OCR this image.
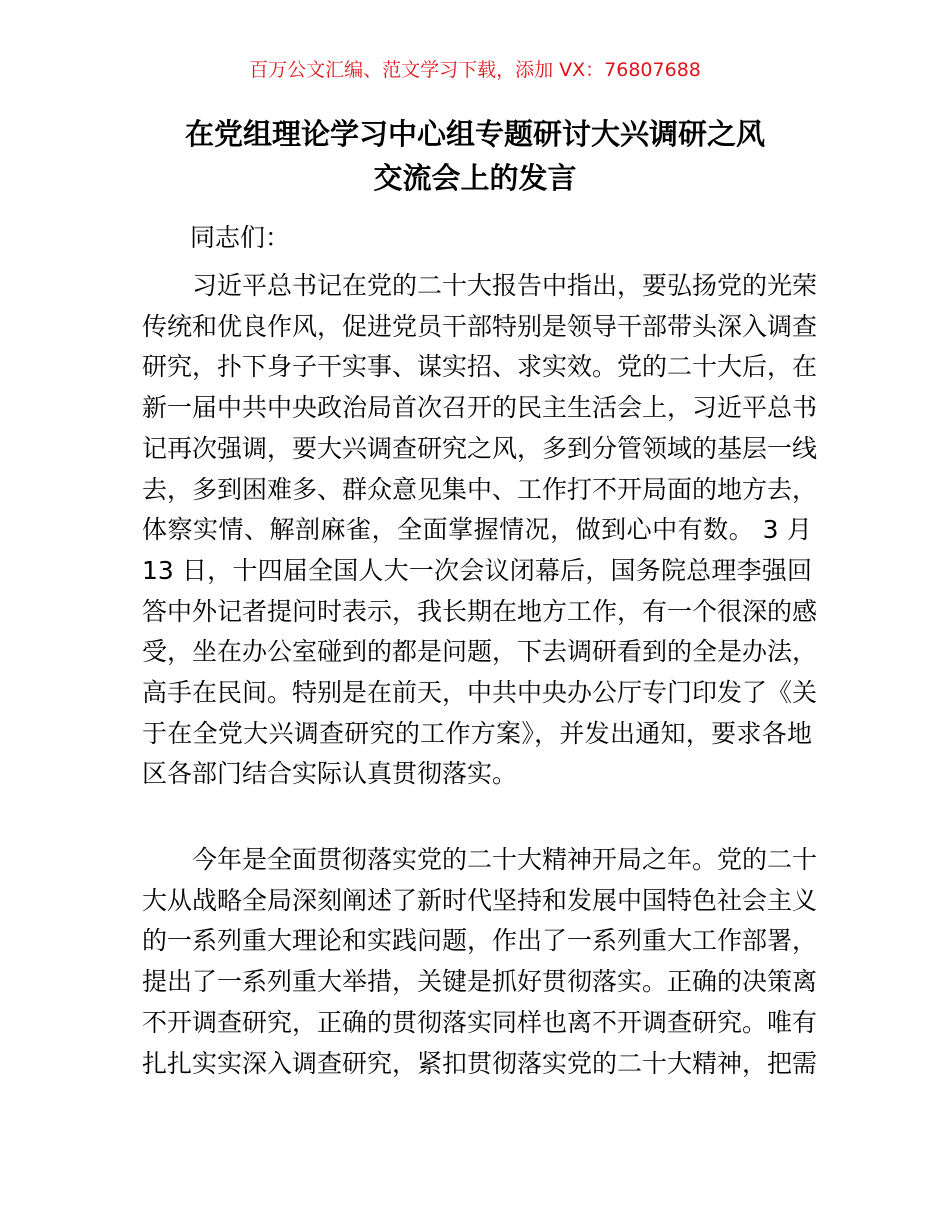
百万公文汇编、范文学习下载，添加 VX：76807688
在党组理论学习中心组专题研讨大兴调研之风
交流会上的发言
同志们：
　　习近平总书记在党的二十大报告中指出，要弘扬党的光荣
传统和优良作风，促进党员干部特别是领导干部带头深入调查
研究，扑下身子干实事、谋实招、求实效。党的二十大后，在
新一届中共中央政治局首次召开的民主生活会上，习近平总书
记再次强调，要大兴调查研究之风，多到分管领域的基层一线
去，多到困难多、群众意见集中、工作打不开局面的地方去，
体察实情、解剖麻雀，全面掌握情况，做到心中有数。 3 月
13 日，十四届全国人大一次会议闭幕后，国务院总理李强回
答中外记者提问时表示，我长期在地方工作，有一个很深的感
受，坐在办公室碰到的都是问题，下去调研看到的全是办法，
高手在民间。特别是在前天，中共中央办公厅专门印发了《关
于在全党大兴调查研究的工作方案》，并发出通知，要求各地
区各部门结合实际认真贯彻落实。
　　今年是全面贯彻落实党的二十大精神开局之年。党的二十
大从战略全局深刻阐述了新时代坚持和发展中国特色社会主义
的一系列重大理论和实践问题，作出了一系列重大工作部署，
提出了一系列重大举措，关键是抓好贯彻落实。正确的决策离
不开调查研究，正确的贯彻落实同样也离不开调查研究。唯有
扎扎实实深入调查研究，紧扣贯彻落实党的二十大精神，把需
